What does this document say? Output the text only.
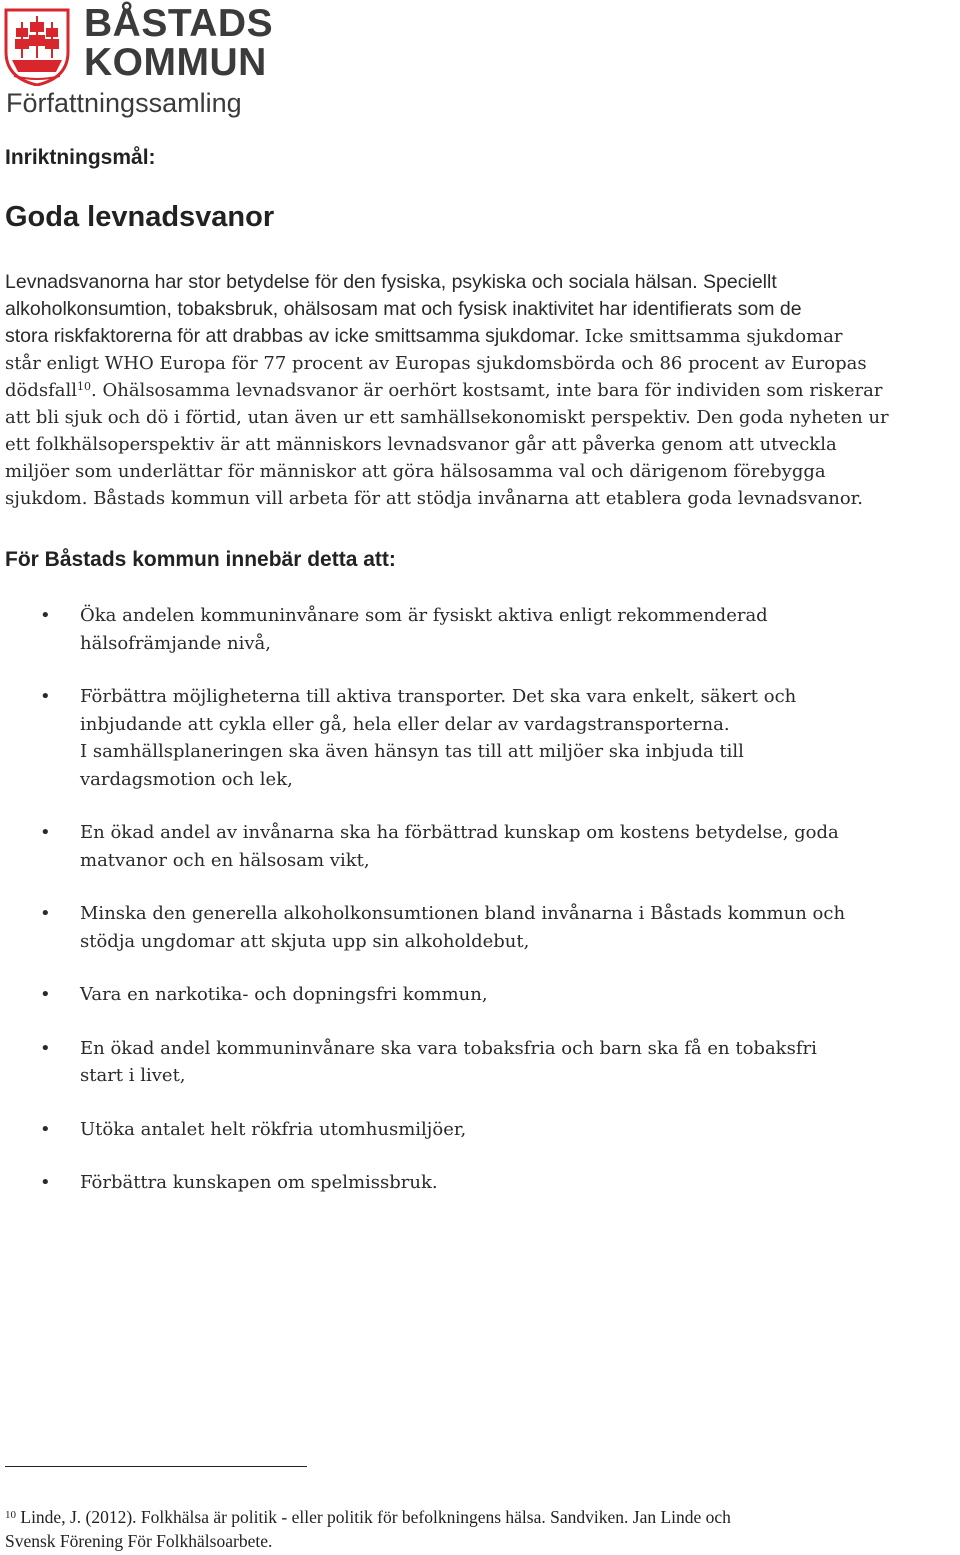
BÅSTADS
KOMMUN
Författningssamling
Inriktningsmål:
Goda levnadsvanor
Levnadsvanorna har stor betydelse för den fysiska, psykiska och sociala hälsan. Speciellt
alkoholkonsumtion, tobaksbruk, ohälsosam mat och fysisk inaktivitet har identifierats som de
stora riskfaktorerna för att drabbas av icke smittsamma sjukdomar. Icke smittsamma sjukdomar
står enligt WHO Europa för 77 procent av Europas sjukdomsbörda och 86 procent av Europas
dödsfall$^{10}$. Ohälsosamma levnadsvanor är oerhört kostsamt, inte bara för individen som riskerar
att bli sjuk och dö i förtid, utan även ur ett samhällsekonomiskt perspektiv. Den goda nyheten ur
ett folkhälsoperspektiv är att människors levnadsvanor går att påverka genom att utveckla
miljöer som underlättar för människor att göra hälsosamma val och därigenom förebygga
sjukdom. Båstads kommun vill arbeta för att stödja invånarna att etablera goda levnadsvanor.
För Båstads kommun innebär detta att:
• Öka andelen kommuninvånare som är fysiskt aktiva enligt rekommenderad
hälsofrämjande nivå,
• Förbättra möjligheterna till aktiva transporter. Det ska vara enkelt, säkert och
inbjudande att cykla eller gå, hela eller delar av vardagstransporterna.
I samhällsplaneringen ska även hänsyn tas till att miljöer ska inbjuda till
vardagsmotion och lek,
• En ökad andel av invånarna ska ha förbättrad kunskap om kostens betydelse, goda
matvanor och en hälsosam vikt,
• Minska den generella alkoholkonsumtionen bland invånarna i Båstads kommun och
stödja ungdomar att skjuta upp sin alkoholdebut,
• Vara en narkotika- och dopningsfri kommun,
• En ökad andel kommuninvånare ska vara tobaksfria och barn ska få en tobaksfri
start i livet,
• Utöka antalet helt rökfria utomhusmiljöer,
• Förbättra kunskapen om spelmissbruk.
$^{10}$ Linde, J. (2012). Folkhälsa är politik - eller politik för befolkningens hälsa. Sandviken. Jan Linde och
Svensk Förening För Folkhälsoarbete.
